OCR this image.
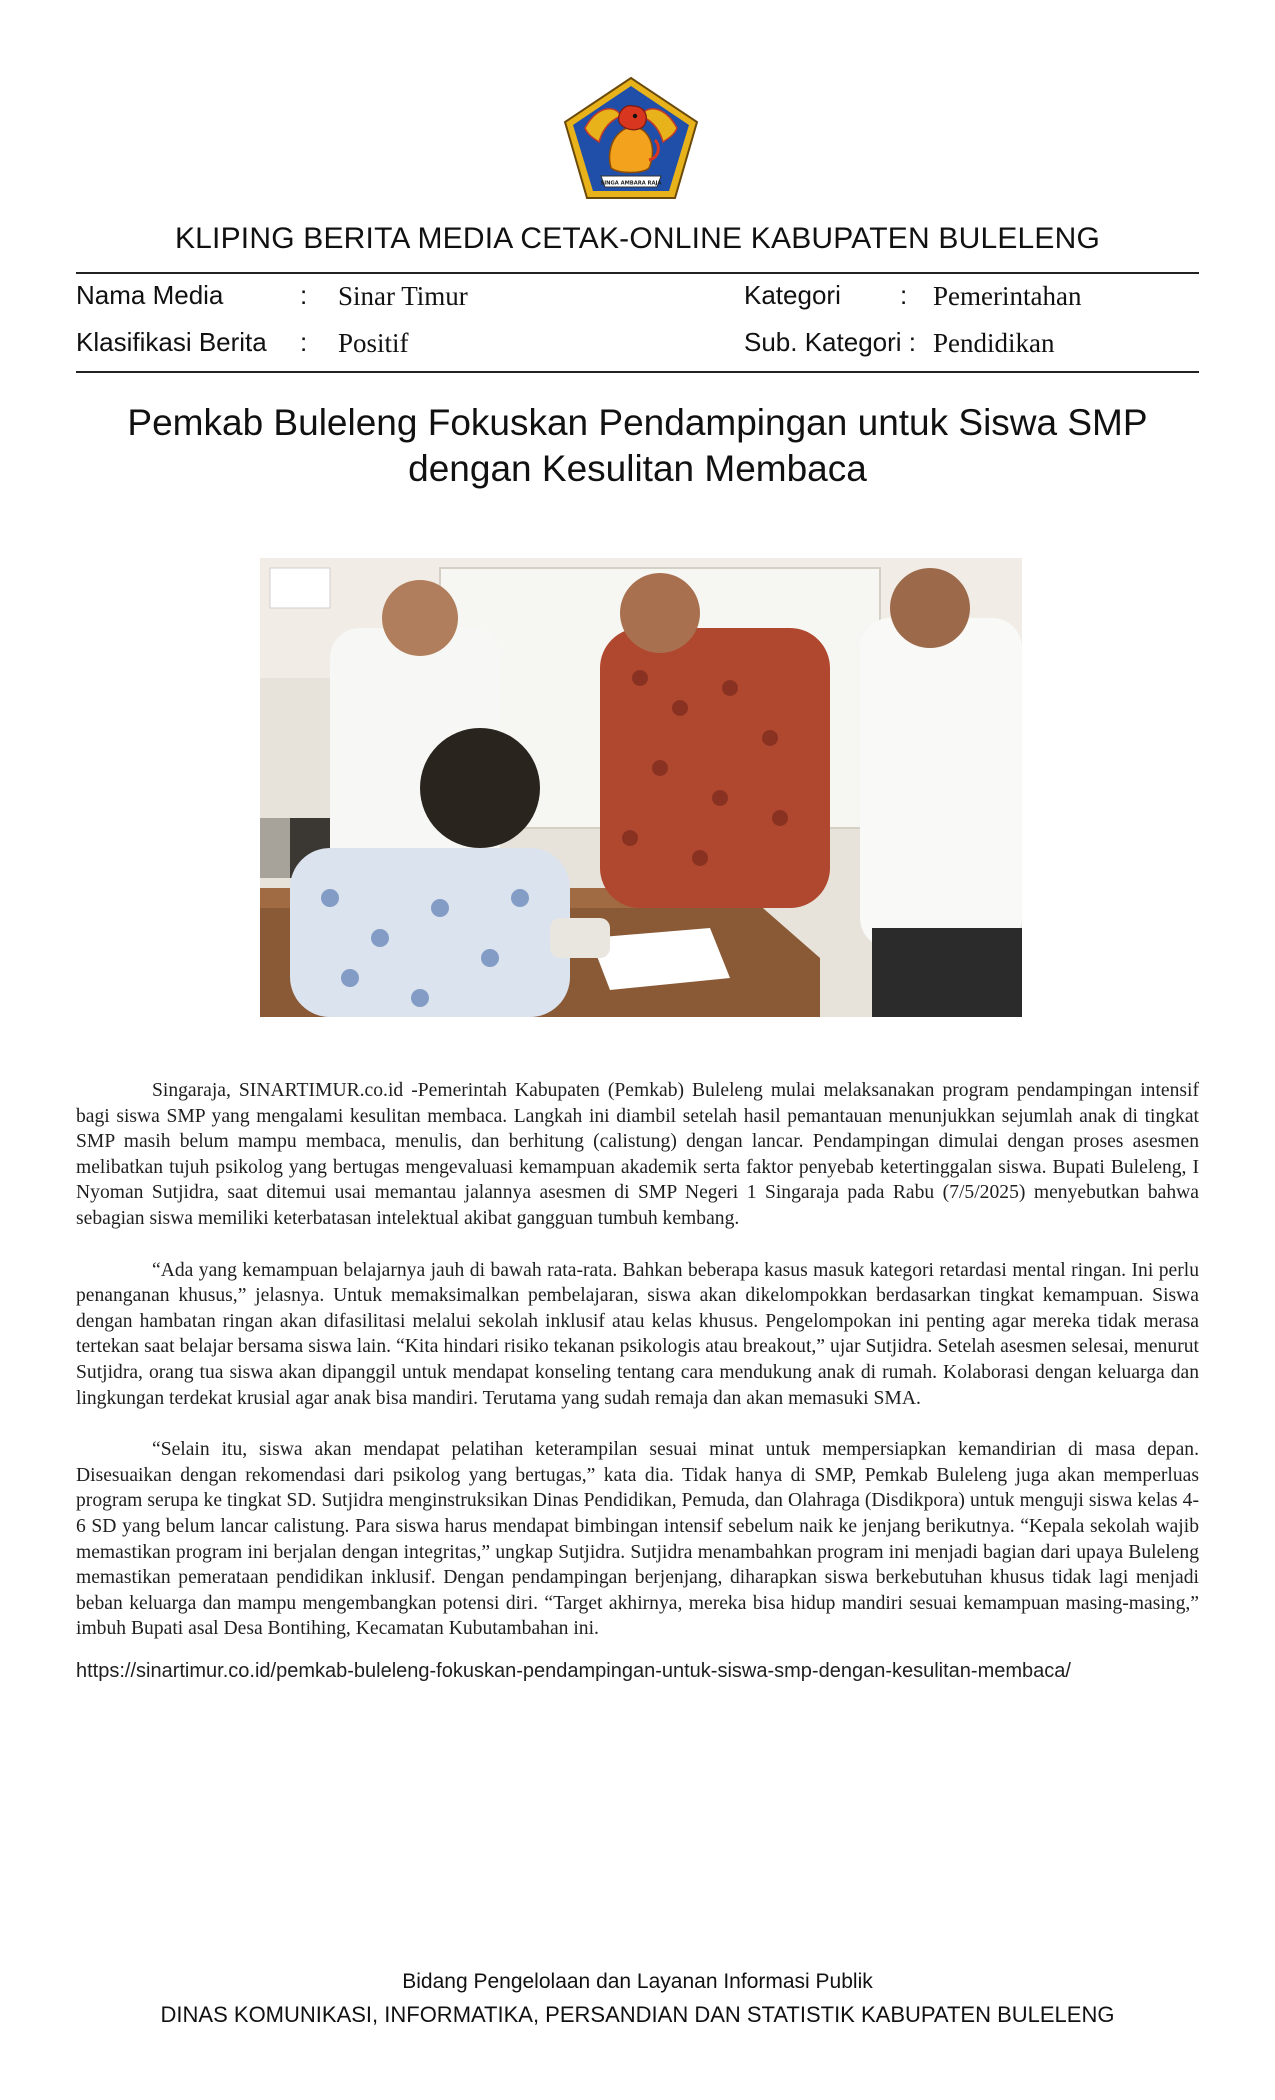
SINGA AMBARA RAJA
KLIPING BERITA MEDIA CETAK-ONLINE KABUPATEN BULELENG
Nama Media	: Sinar Timur
Klasifikasi Berita : Positif
Kategori : Pemerintahan
Sub. Kategori : Pendidikan
Pemkab Buleleng Fokuskan Pendampingan untuk Siswa SMP dengan Kesulitan Membaca

Singaraja, SINARTIMUR.co.id -Pemerintah Kabupaten (Pemkab) Buleleng mulai melaksanakan program pendampingan intensif bagi siswa SMP yang mengalami kesulitan membaca. Langkah ini diambil setelah hasil pemantauan menunjukkan sejumlah anak di tingkat SMP masih belum mampu membaca, menulis, dan berhitung (calistung) dengan lancar. Pendampingan dimulai dengan proses asesmen melibatkan tujuh psikolog yang bertugas mengevaluasi kemampuan akademik serta faktor penyebab ketertinggalan siswa. Bupati Buleleng, I Nyoman Sutjidra, saat ditemui usai memantau jalannya asesmen di SMP Negeri 1 Singaraja pada Rabu (7/5/2025) menyebutkan bahwa sebagian siswa memiliki keterbatasan intelektual akibat gangguan tumbuh kembang.

“Ada yang kemampuan belajarnya jauh di bawah rata-rata. Bahkan beberapa kasus masuk kategori retardasi mental ringan. Ini perlu penanganan khusus,” jelasnya. Untuk memaksimalkan pembelajaran, siswa akan dikelompokkan berdasarkan tingkat kemampuan. Siswa dengan hambatan ringan akan difasilitasi melalui sekolah inklusif atau kelas khusus. Pengelompokan ini penting agar mereka tidak merasa tertekan saat belajar bersama siswa lain. “Kita hindari risiko tekanan psikologis atau breakout,” ujar Sutjidra. Setelah asesmen selesai, menurut Sutjidra, orang tua siswa akan dipanggil untuk mendapat konseling tentang cara mendukung anak di rumah. Kolaborasi dengan keluarga dan lingkungan terdekat krusial agar anak bisa mandiri. Terutama yang sudah remaja dan akan memasuki SMA.

“Selain itu, siswa akan mendapat pelatihan keterampilan sesuai minat untuk mempersiapkan kemandirian di masa depan. Disesuaikan dengan rekomendasi dari psikolog yang bertugas,” kata dia. Tidak hanya di SMP, Pemkab Buleleng juga akan memperluas program serupa ke tingkat SD. Sutjidra menginstruksikan Dinas Pendidikan, Pemuda, dan Olahraga (Disdikpora) untuk menguji siswa kelas 4-6 SD yang belum lancar calistung. Para siswa harus mendapat bimbingan intensif sebelum naik ke jenjang berikutnya. “Kepala sekolah wajib memastikan program ini berjalan dengan integritas,” ungkap Sutjidra. Sutjidra menambahkan program ini menjadi bagian dari upaya Buleleng memastikan pemerataan pendidikan inklusif. Dengan pendampingan berjenjang, diharapkan siswa berkebutuhan khusus tidak lagi menjadi beban keluarga dan mampu mengembangkan potensi diri. “Target akhirnya, mereka bisa hidup mandiri sesuai kemampuan masing-masing,” imbuh Bupati asal Desa Bontihing, Kecamatan Kubutambahan ini.

https://sinartimur.co.id/pemkab-buleleng-fokuskan-pendampingan-untuk-siswa-smp-dengan-kesulitan-membaca/
Bidang Pengelolaan dan Layanan Informasi Publik
DINAS KOMUNIKASI, INFORMATIKA, PERSANDIAN DAN STATISTIK KABUPATEN BULELENG
